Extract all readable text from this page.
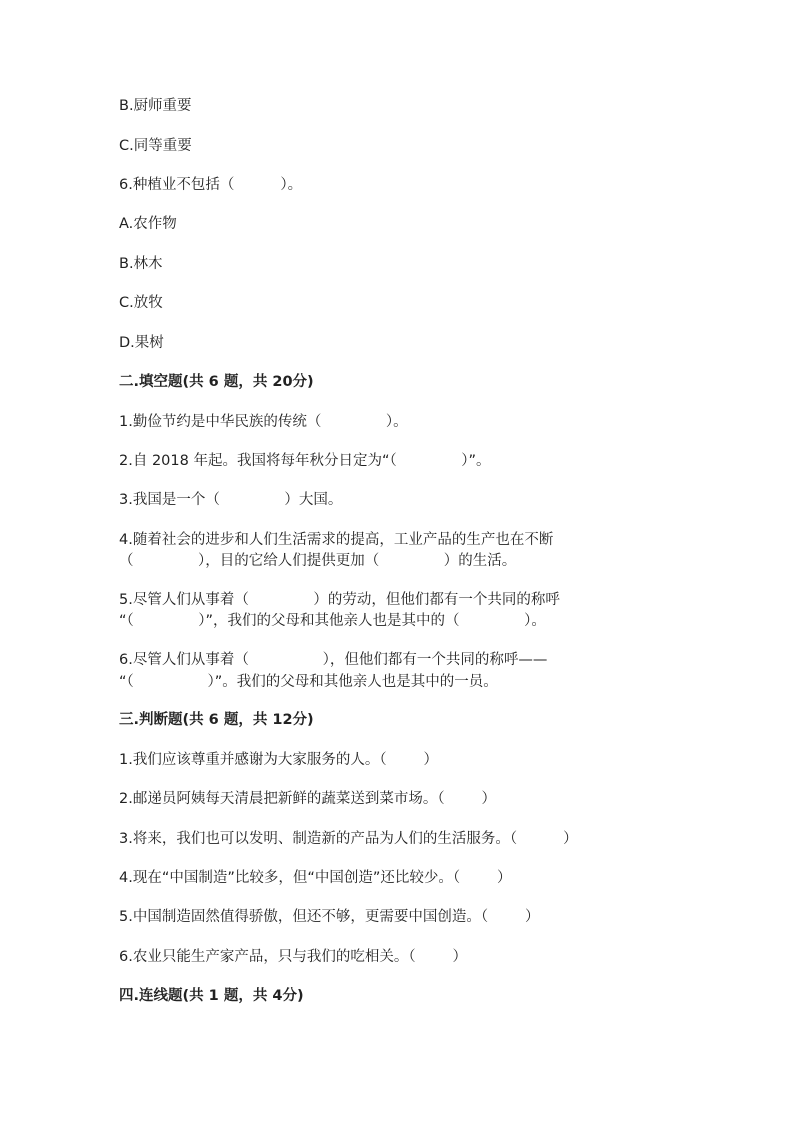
B.厨师重要
C.同等重要
6.种植业不包括（          ）。
A.农作物
B.林木
C.放牧
D.果树
二.填空题(共 6 题，共 20分)
1.勤俭节约是中华民族的传统（              ）。
2.自 2018 年起。我国将每年秋分日定为“（              ）”。
3.我国是一个（              ）大国。
4.随着社会的进步和人们生活需求的提高，工业产品的生产也在不断
（              ），目的它给人们提供更加（              ）的生活。
5.尽管人们从事着（              ）的劳动，但他们都有一个共同的称呼
“（              ）”，我们的父母和其他亲人也是其中的（              ）。
6.尽管人们从事着（                ），但他们都有一个共同的称呼——
“（                ）”。我们的父母和其他亲人也是其中的一员。
三.判断题(共 6 题，共 12分)
1.我们应该尊重并感谢为大家服务的人。（        ）
2.邮递员阿姨每天清晨把新鲜的蔬菜送到菜市场。（        ）
3.将来，我们也可以发明、制造新的产品为人们的生活服务。（          ）
4.现在“中国制造”比较多，但“中国创造”还比较少。（        ）
5.中国制造固然值得骄傲，但还不够，更需要中国创造。（        ）
6.农业只能生产家产品，只与我们的吃相关。（        ）
四.连线题(共 1 题，共 4分)
